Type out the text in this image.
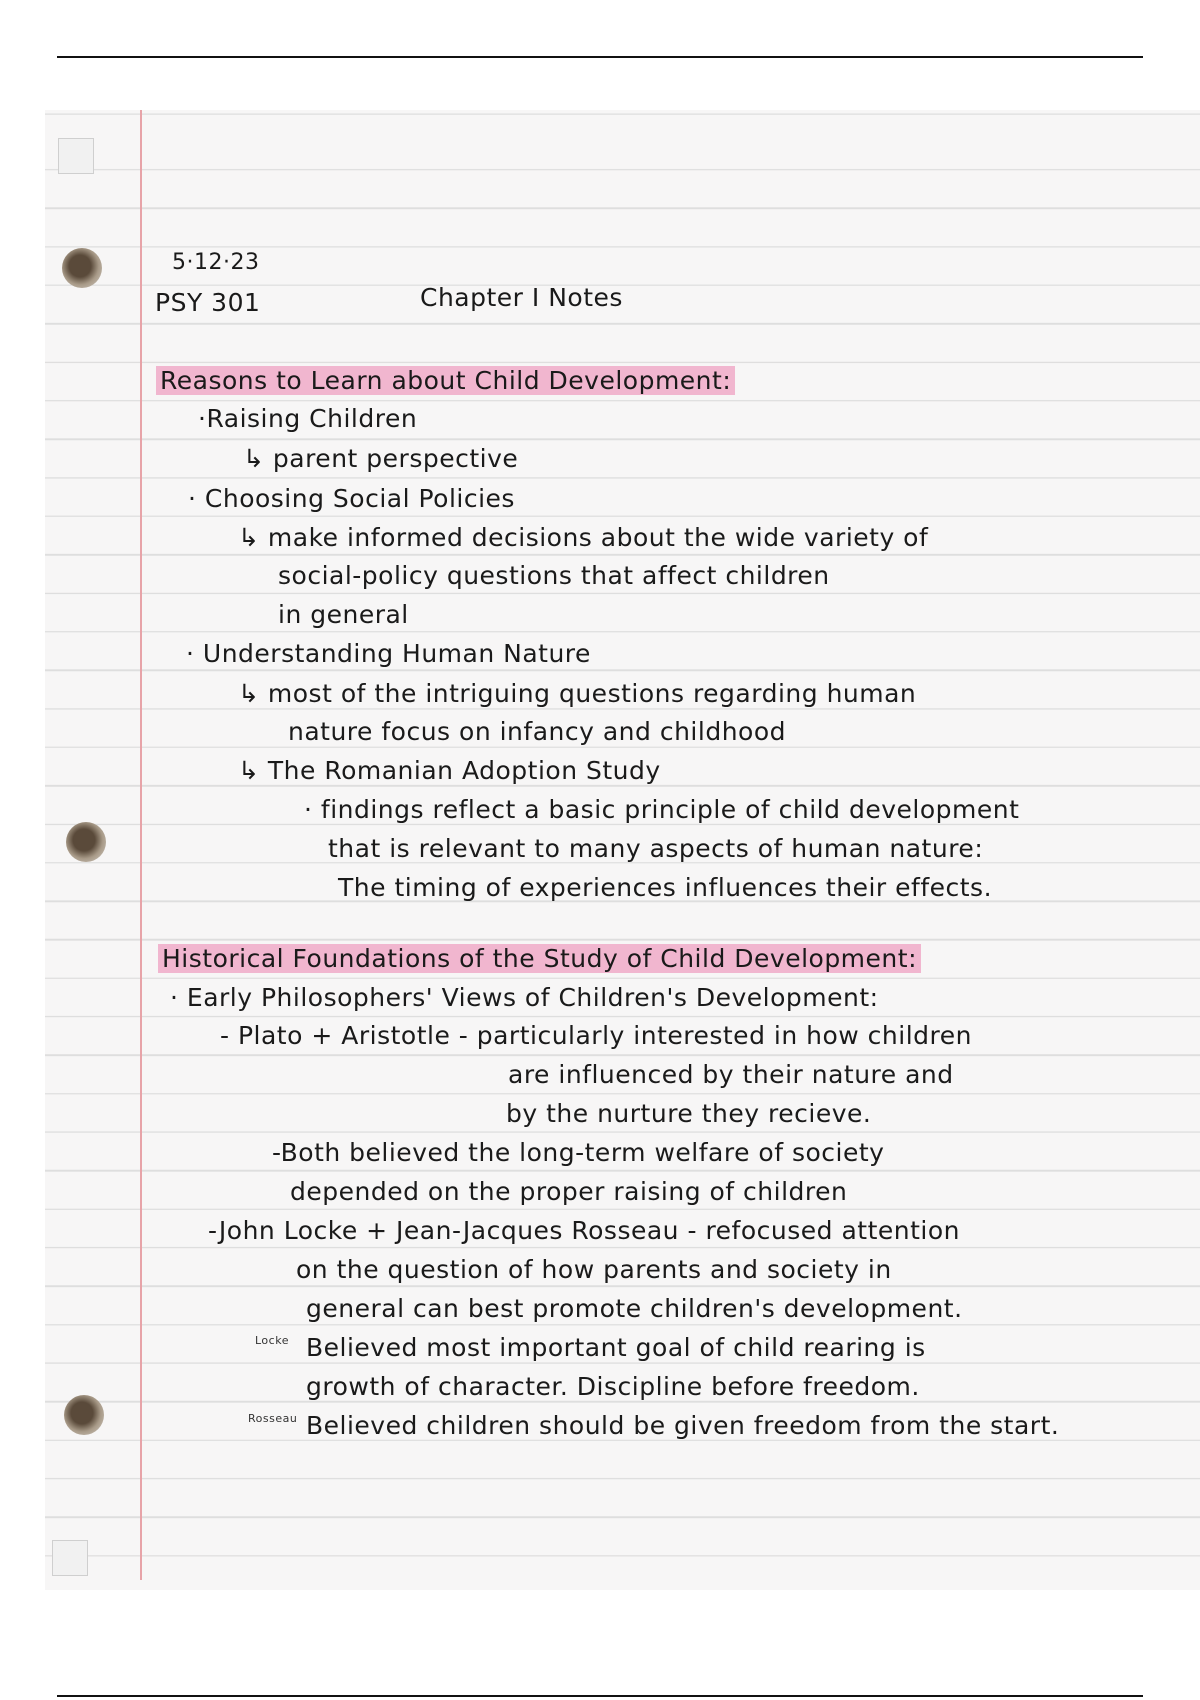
5·12·23
PSY 301	Chapter I Notes
Reasons to Learn about Child Development:
·Raising Children
↳ parent perspective
· Choosing Social Policies
↳ make informed decisions about the wide variety of
social-policy questions that affect children
in general
· Understanding Human Nature
↳ most of the intriguing questions regarding human
nature focus on infancy and childhood
↳ The Romanian Adoption Study
· findings reflect a basic principle of child development
that is relevant to many aspects of human nature:
The timing of experiences influences their effects.
Historical Foundations of the Study of Child Development:
· Early Philosophers' Views of Children's Development:
- Plato + Aristotle - particularly interested in how children
are influenced by their nature and
by the nurture they recieve.
-Both believed the long-term welfare of society
depended on the proper raising of children
-John Locke + Jean-Jacques Rosseau - refocused attention
on the question of how parents and society in
general can best promote children's development.
Locke Believed most important goal of child rearing is
growth of character. Discipline before freedom.
Rosseau Believed children should be given freedom from the start.
